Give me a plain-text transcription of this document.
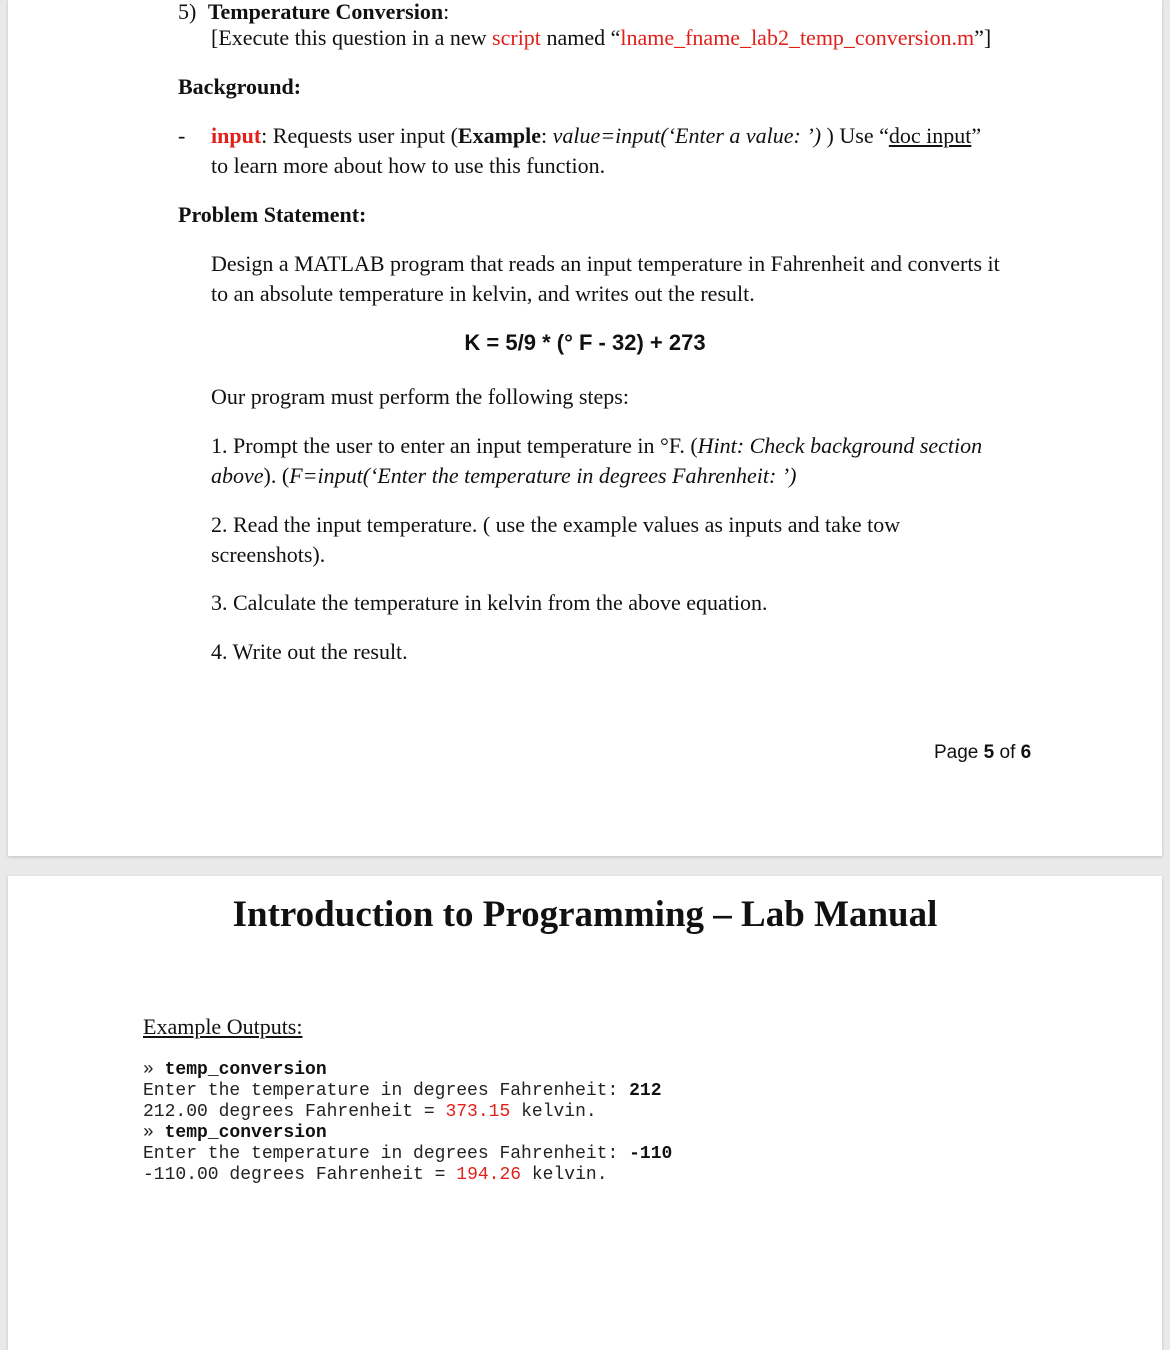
5) Temperature Conversion:
[Execute this question in a new script named “lname_fname_lab2_temp_conversion.m”]
Background:
- input: Requests user input (Example: value=input(‘Enter a value: ’) ) Use “doc input”
to learn more about how to use this function.
Problem Statement:
Design a MATLAB program that reads an input temperature in Fahrenheit and converts it
to an absolute temperature in kelvin, and writes out the result.
K = 5/9 * (° F - 32) + 273
Our program must perform the following steps:
1. Prompt the user to enter an input temperature in °F. (Hint: Check background section
above). (F=input(‘Enter the temperature in degrees Fahrenheit: ’)
2. Read the input temperature. ( use the example values as inputs and take tow
screenshots).
3. Calculate the temperature in kelvin from the above equation.
4. Write out the result.
Page 5 of 6
Introduction to Programming – Lab Manual
Example Outputs:
» temp_conversion
Enter the temperature in degrees Fahrenheit: 212
212.00 degrees Fahrenheit = 373.15 kelvin.
» temp_conversion
Enter the temperature in degrees Fahrenheit: -110
-110.00 degrees Fahrenheit = 194.26 kelvin.
